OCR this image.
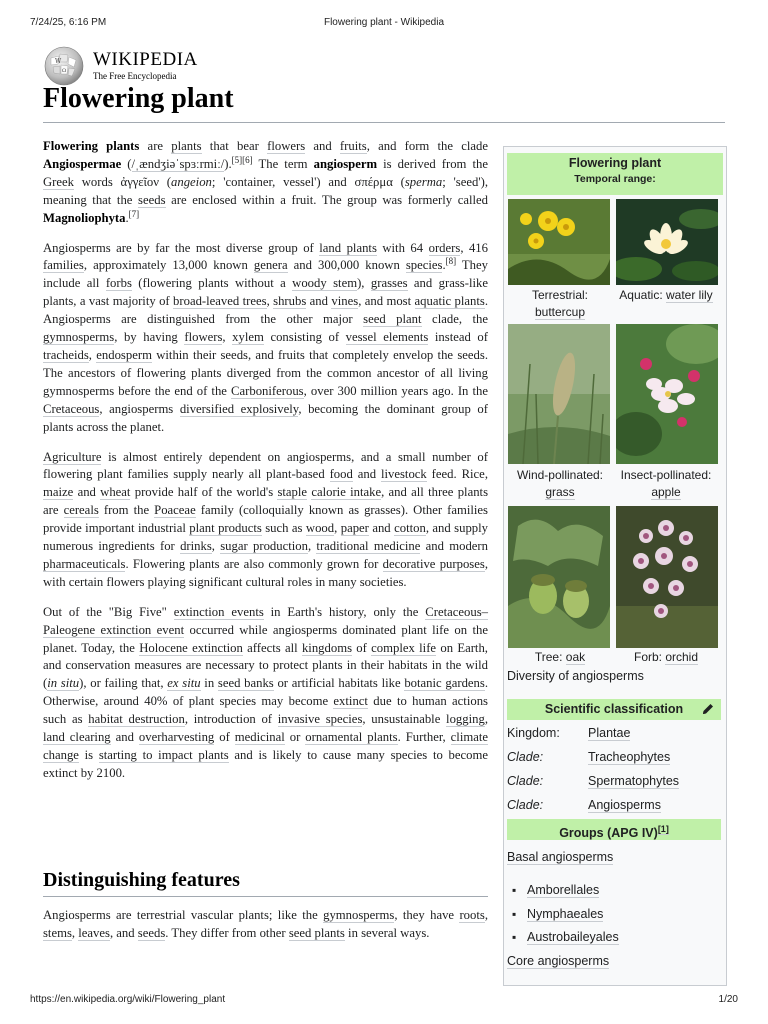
7/24/25, 6:16 PM	Flowering plant - Wikipedia
W
Ω
WIKIPEDIA
The Free Encyclopedia
Flowering plant

Flowering plants are plants that bear flowers and fruits, and form the clade Angiospermae (/ˌændʒiəˈspɜːrmiː/).[5][6] The term angiosperm is derived from the Greek words ἀγγεῖον (angeion; 'container, vessel') and σπέρμα (sperma; 'seed'), meaning that the seeds are enclosed within a fruit. The group was formerly called Magnoliophyta.[7]

Angiosperms are by far the most diverse group of land plants with 64 orders, 416 families, approximately 13,000 known genera and 300,000 known species.[8] They include all forbs (flowering plants without a woody stem), grasses and grass-like plants, a vast majority of broad-leaved trees, shrubs and vines, and most aquatic plants. Angiosperms are distinguished from the other major seed plant clade, the gymnosperms, by having flowers, xylem consisting of vessel elements instead of tracheids, endosperm within their seeds, and fruits that completely envelop the seeds. The ancestors of flowering plants diverged from the common ancestor of all living gymnosperms before the end of the Carboniferous, over 300 million years ago. In the Cretaceous, angiosperms diversified explosively, becoming the dominant group of plants across the planet.

Agriculture is almost entirely dependent on angiosperms, and a small number of flowering plant families supply nearly all plant-based food and livestock feed. Rice, maize and wheat provide half of the world's staple calorie intake, and all three plants are cereals from the Poaceae family (colloquially known as grasses). Other families provide important industrial plant products such as wood, paper and cotton, and supply numerous ingredients for drinks, sugar production, traditional medicine and modern pharmaceuticals. Flowering plants are also commonly grown for decorative purposes, with certain flowers playing significant cultural roles in many societies.

Out of the "Big Five" extinction events in Earth's history, only the Cretaceous–Paleogene extinction event occurred while angiosperms dominated plant life on the planet. Today, the Holocene extinction affects all kingdoms of complex life on Earth, and conservation measures are necessary to protect plants in their habitats in the wild (in situ), or failing that, ex situ in seed banks or artificial habitats like botanic gardens. Otherwise, around 40% of plant species may become extinct due to human actions such as habitat destruction, introduction of invasive species, unsustainable logging, land clearing and overharvesting of medicinal or ornamental plants. Further, climate change is starting to impact plants and is likely to cause many species to become extinct by 2100.

Distinguishing features

Angiosperms are terrestrial vascular plants; like the gymnosperms, they have roots, stems, leaves, and seeds. They differ from other seed plants in several ways.

Flowering plant
Temporal range:
Terrestrial: buttercup
Aquatic: water lily
Wind-pollinated: grass
Insect-pollinated: apple
Tree: oak	Forb: orchid
Diversity of angiosperms
Scientific classification
Kingdom: Plantae
Clade:	Tracheophytes
Clade:	Spermatophytes
Clade:	Angiosperms
Groups (APG IV)[1]
Basal angiosperms
▪ Amborellales
▪ Nymphaeales
▪ Austrobaileyales
Core angiosperms
https://en.wikipedia.org/wiki/Flowering_plant	1/20
